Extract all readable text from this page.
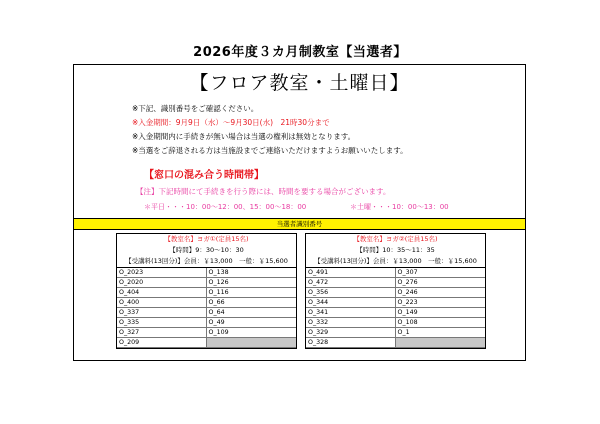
2026年度３カ月制教室【当選者】
【フロア教室・土曜日】
※下記、識別番号をご確認ください。
※入金期間：9月9日（水）～9月30日(水)　21時30分まで
※入金期間内に手続きが無い場合は当選の権利は無効となります。
※当選をご辞退される方は当施設までご連絡いただけますようお願いいたします。
【窓口の混み合う時間帯】
【注】下記時間にて手続きを行う際には、時間を要する場合がございます。
＊平日・・・10：00～12：00、15：00～18：00	＊土曜・・・10：00～13：00
当選者識別番号
【教室名】ヨガ①(定員15名)
【時間】9：30～10：30
【受講料(13回分)】会員：￥13,000　一般：￥15,600
O_2023	O_138
O_2020	O_126
O_404	O_116
O_400	O_66
O_337	O_64
O_335	O_49
O_327	O_109
O_209
【教室名】ヨガ②(定員15名)
【時間】10：35～11：35
【受講料(13回分)】会員：￥13,000　一般：￥15,600
O_491	O_307
O_472	O_276
O_356	O_246
O_344	O_223
O_341	O_149
O_332	O_108
O_329	O_1
O_328
